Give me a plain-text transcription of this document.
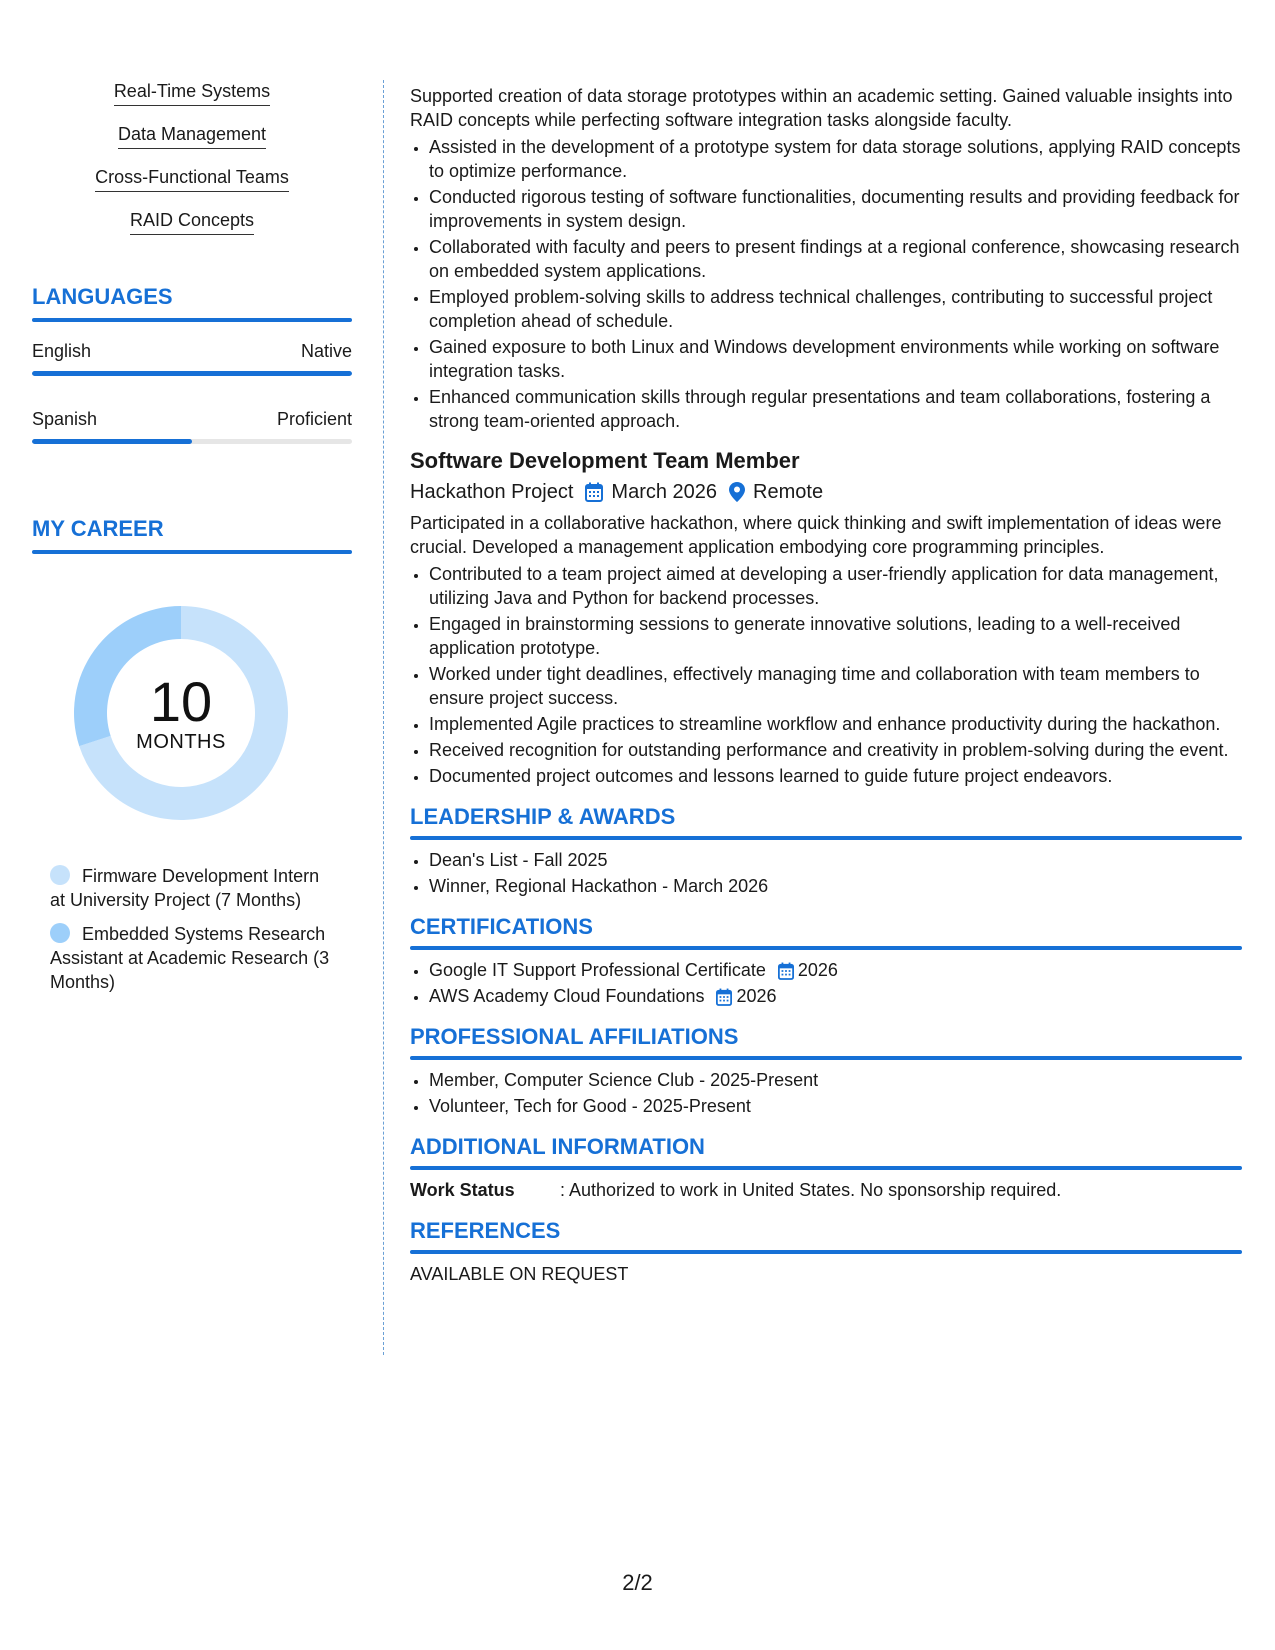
Real-Time Systems
Data Management
Cross-Functional Teams
RAID Concepts
LANGUAGES
English	Native
Spanish	Proficient
MY CAREER
10
MONTHS
Firmware Development Intern at University Project (7 Months)
Embedded Systems Research Assistant at Academic Research (3 Months)

Supported creation of data storage prototypes within an academic setting. Gained valuable insights into RAID concepts while perfecting software integration tasks alongside faculty.

• Assisted in the development of a prototype system for data storage solutions, applying RAID concepts to optimize performance.
• Conducted rigorous testing of software functionalities, documenting results and providing feedback for improvements in system design.
• Collaborated with faculty and peers to present findings at a regional conference, showcasing research on embedded system applications.
• Employed problem-solving skills to address technical challenges, contributing to successful project completion ahead of schedule.
• Gained exposure to both Linux and Windows development environments while working on software integration tasks.
• Enhanced communication skills through regular presentations and team collaborations, fostering a strong team-oriented approach.
Software Development Team Member
Hackathon Project March 2026 Remote

Participated in a collaborative hackathon, where quick thinking and swift implementation of ideas were crucial. Developed a management application embodying core programming principles.

• Contributed to a team project aimed at developing a user-friendly application for data management, utilizing Java and Python for backend processes.
• Engaged in brainstorming sessions to generate innovative solutions, leading to a well-received application prototype.
• Worked under tight deadlines, effectively managing time and collaboration with team members to ensure project success.
• Implemented Agile practices to streamline workflow and enhance productivity during the hackathon.
• Received recognition for outstanding performance and creativity in problem-solving during the event.
• Documented project outcomes and lessons learned to guide future project endeavors.
LEADERSHIP & AWARDS
• Dean's List - Fall 2025
• Winner, Regional Hackathon - March 2026
CERTIFICATIONS
• Google IT Support Professional Certificate 2026
• AWS Academy Cloud Foundations 2026
PROFESSIONAL AFFILIATIONS
• Member, Computer Science Club - 2025-Present
• Volunteer, Tech for Good - 2025-Present
ADDITIONAL INFORMATION
Work Status	: Authorized to work in United States. No sponsorship required.
REFERENCES
AVAILABLE ON REQUEST
2/2
